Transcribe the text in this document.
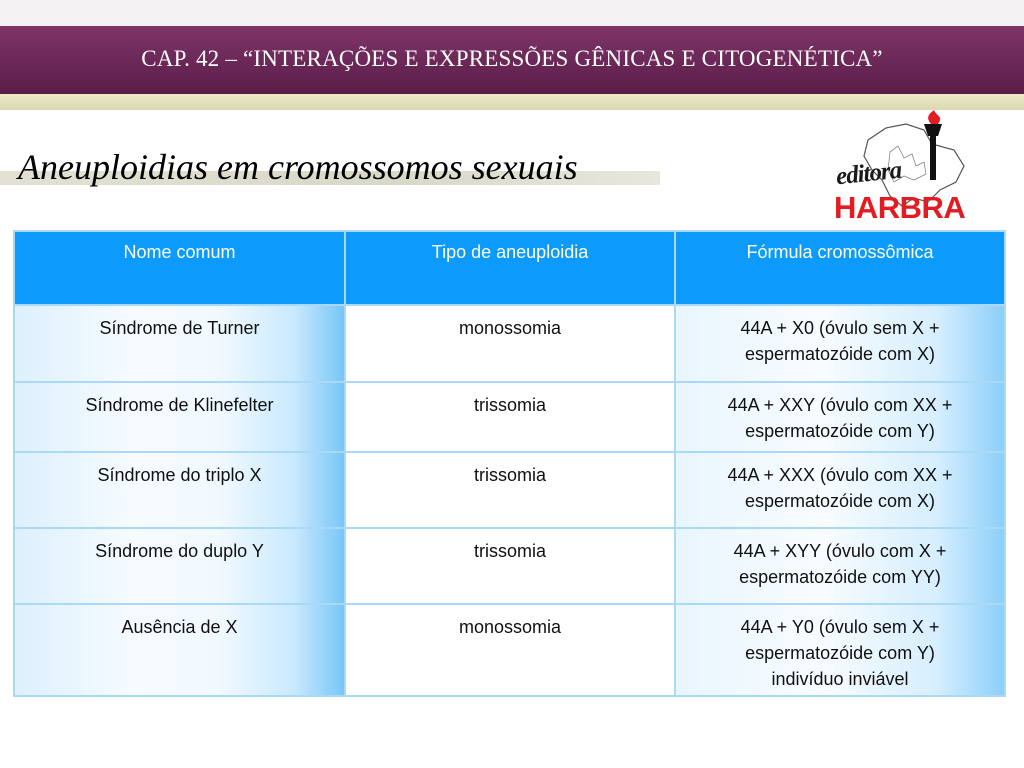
CAP. 42 – “INTERAÇÕES E EXPRESSÕES GÊNICAS E CITOGENÉTICA”
Aneuploidias em cromossomos sexuais	editora
HARBRA
Nome comum	Tipo de aneuploidia	Fórmula cromossômica
Síndrome de Turner	monossomia	44A + X0 (óvulo sem X +
espermatozóide com X)

Síndrome de Klinefelter	trissomia	44A + XXY (óvulo com XX +
espermatozóide com Y)

Síndrome do triplo X	trissomia	44A + XXX (óvulo com XX +
espermatozóide com X)

Síndrome do duplo Y	trissomia	44A + XYY (óvulo com X +
espermatozóide com YY)

Ausência de X	monossomia	44A + Y0 (óvulo sem X +
espermatozóide com Y)
indivíduo inviável
